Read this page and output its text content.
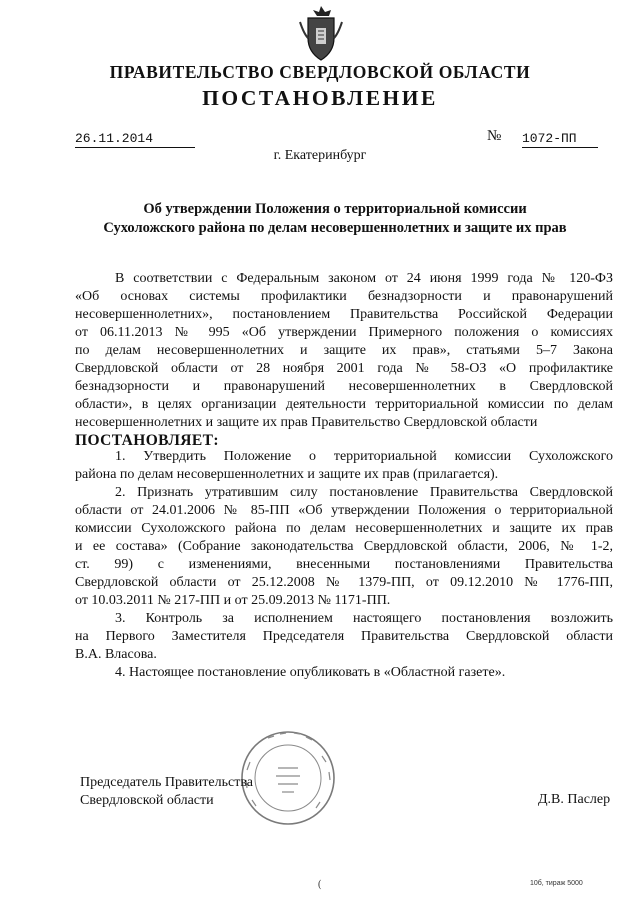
ПРАВИТЕЛЬСТВО СВЕРДЛОВСКОЙ ОБЛАСТИ
ПОСТАНОВЛЕНИЕ
26.11.2014	№ 1072-ПП
г. Екатеринбург
Об утверждении Положения о территориальной комиссии
Сухоложского района по делам несовершеннолетних и защите их прав
В соответствии с Федеральным законом от 24 июня 1999 года № 120-ФЗ
«Об основах системы профилактики безнадзорности и правонарушений
несовершеннолетних», постановлением Правительства Российской Федерации
от 06.11.2013 № 995 «Об утверждении Примерного положения о комиссиях
по делам несовершеннолетних и защите их прав», статьями 5–7 Закона
Свердловской области от 28 ноября 2001 года № 58-ОЗ «О профилактике
безнадзорности и правонарушений несовершеннолетних в Свердловской
области», в целях организации деятельности территориальной комиссии по делам
несовершеннолетних и защите их прав Правительство Свердловской области
ПОСТАНОВЛЯЕТ:
1. Утвердить Положение о территориальной комиссии Сухоложского
района по делам несовершеннолетних и защите их прав (прилагается).
2. Признать утратившим силу постановление Правительства Свердловской
области от 24.01.2006 № 85-ПП «Об утверждении Положения о территориальной
комиссии Сухоложского района по делам несовершеннолетних и защите их прав
и ее состава» (Собрание законодательства Свердловской области, 2006, № 1-2,
ст. 99) с изменениями, внесенными постановлениями Правительства
Свердловской области от 25.12.2008 № 1379-ПП, от 09.12.2010 № 1776-ПП,
от 10.03.2011 № 217-ПП и от 25.09.2013 № 1171-ПП.
3. Контроль за исполнением настоящего постановления возложить
на Первого Заместителя Председателя Правительства Свердловской области
В.А. Власова.
4. Настоящее постановление опубликовать в «Областной газете».
Председатель Правительства
Свердловской области	Д.В. Паслер
(	10б, тираж 5000
